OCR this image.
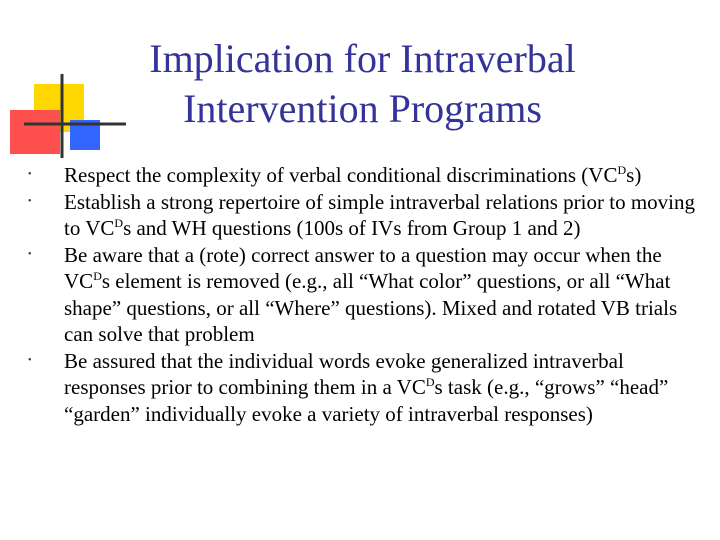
Implication for Intraverbal
Intervention Programs
• Respect the complexity of verbal conditional discriminations $(VC^Ds)$
• Establish a strong repertoire of simple intraverbal relations prior to moving to $VC^Ds$ and WH questions (100s of IVs from Group 1 and 2)
• Be aware that a (rote) correct answer to a question may occur when the $VC^Ds$ element is removed (e.g., all “What color” questions, or all “What shape” questions, or all “Where” questions). Mixed and rotated VB trials can solve that problem
• Be assured that the individual words evoke generalized intraverbal responses prior to combining them in a $VC^Ds$ task (e.g., “grows” “head” “garden” individually evoke a variety of intraverbal responses)
